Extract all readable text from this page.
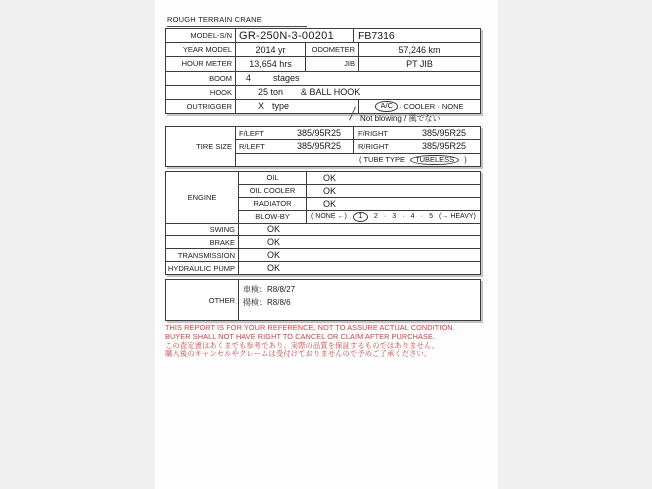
ROUGH TERRAIN CRANE
MODEL-S/N GR-250N-3-00201	FB7316
YEAR MODEL	2014 yr	ODOMETER	57,246 km
HOUR METER	13,654 hrs	JIB	PT JIB
BOOM	4 stages
HOOK	25 ton & BALL HOOK
OUTRIGGER	X type	A/C · COOLER · NONE
Not blowing / 風でない
TIRE SIZE
F/LEFT	385/95R25	F/RIGHT	385/95R25
R/LEFT	385/95R25	R/RIGHT	385/95R25
( TUBE TYPE	TUBELESS	)
ENGINE
OIL	OK
OIL COOLER	OK
RADIATOR	OK
BLOW-BY	( NONE ←)	1	2 · 3 · 4 · 5 (→ HEAVY)
SWING	OK
BRAKE	OK
TRANSMISSION	OK
HYDRAULIC PUMP	OK
OTHER
車検：R8/8/27
揚検：R8/8/6
THIS REPORT IS FOR YOUR REFERENCE, NOT TO ASSURE ACTUAL CONDITION.
BUYER SHALL NOT HAVE RIGHT TO CANCEL OR CLAIM AFTER PURCHASE.
この査定書はあくまでも参考であり、実際の品質を保証するものではありません。
購入後のキャンセルやクレームは受付けておりませんので予めご了承ください。
